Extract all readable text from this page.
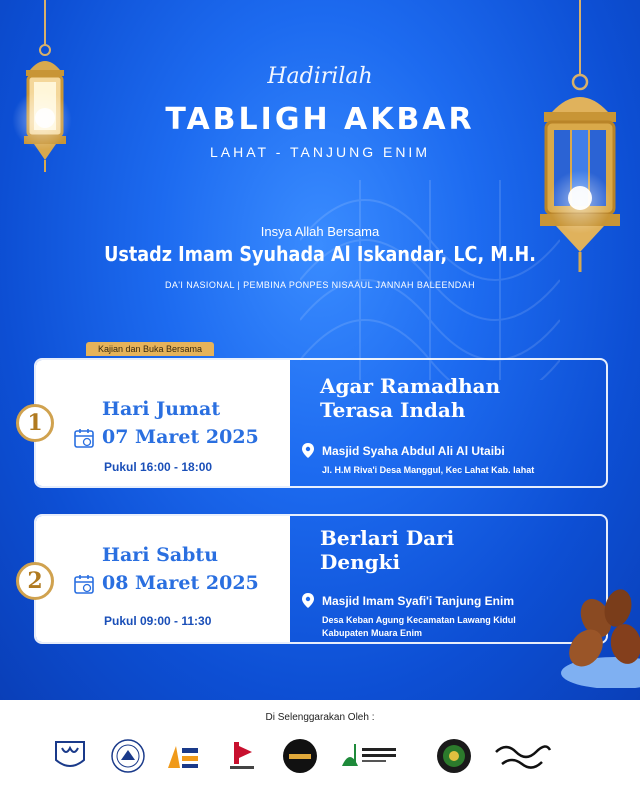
Hadirilah
TABLIGH AKBAR
LAHAT - TANJUNG ENIM
Insya Allah Bersama
Ustadz Imam Syuhada Al Iskandar, LC, M.H.
DA'I NASIONAL | PEMBINA PONPES NISAAUL JANNAH BALEENDAH
Kajian dan Buka Bersama
1
Hari Jumat
07 Maret 2025
Pukul 16:00 - 18:00
Agar Ramadhan
Terasa Indah
Masjid Syaha Abdul Ali Al Utaibi
Jl. H.M Riva'i Desa Manggul, Kec Lahat Kab. lahat
2
Hari Sabtu
08 Maret 2025
Pukul 09:00 - 11:30
Berlari Dari
Dengki
Masjid Imam Syafi'i Tanjung Enim
Desa Keban Agung Kecamatan Lawang Kidul
Kabupaten Muara Enim
Di Selenggarakan Oleh :
